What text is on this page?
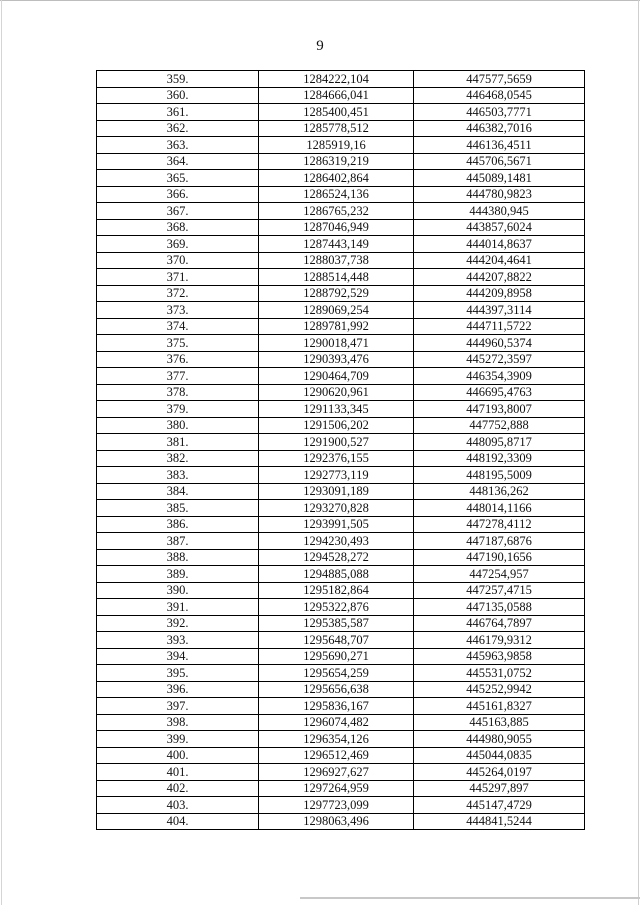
9
359.	1284222,104	447577,5659
360.	1284666,041	446468,0545
361.	1285400,451	446503,7771
362.	1285778,512	446382,7016
363.	1285919,16	446136,4511
364.	1286319,219	445706,5671
365.	1286402,864	445089,1481
366.	1286524,136	444780,9823
367.	1286765,232	444380,945
368.	1287046,949	443857,6024
369.	1287443,149	444014,8637
370.	1288037,738	444204,4641
371.	1288514,448	444207,8822
372.	1288792,529	444209,8958
373.	1289069,254	444397,3114
374.	1289781,992	444711,5722
375.	1290018,471	444960,5374
376.	1290393,476	445272,3597
377.	1290464,709	446354,3909
378.	1290620,961	446695,4763
379.	1291133,345	447193,8007
380.	1291506,202	447752,888
381.	1291900,527	448095,8717
382.	1292376,155	448192,3309
383.	1292773,119	448195,5009
384.	1293091,189	448136,262
385.	1293270,828	448014,1166
386.	1293991,505	447278,4112
387.	1294230,493	447187,6876
388.	1294528,272	447190,1656
389.	1294885,088	447254,957
390.	1295182,864	447257,4715
391.	1295322,876	447135,0588
392.	1295385,587	446764,7897
393.	1295648,707	446179,9312
394.	1295690,271	445963,9858
395.	1295654,259	445531,0752
396.	1295656,638	445252,9942
397.	1295836,167	445161,8327
398.	1296074,482	445163,885
399.	1296354,126	444980,9055
400.	1296512,469	445044,0835
401.	1296927,627	445264,0197
402.	1297264,959	445297,897
403.	1297723,099	445147,4729
404.	1298063,496	444841,5244
